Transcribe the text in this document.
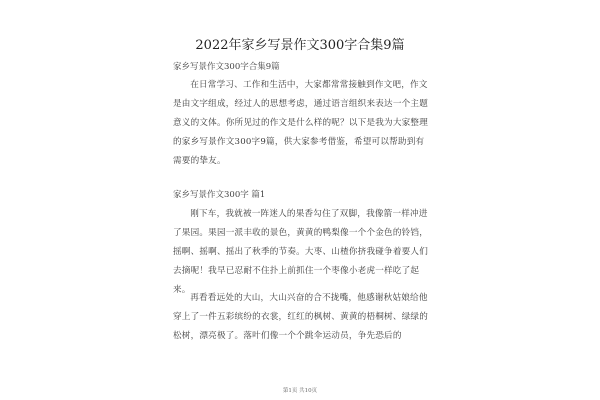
2022年家乡写景作文300字合集9篇
家乡写景作文300字合集9篇

在日常学习、工作和生活中，大家都常常接触到作文吧，作文是由文字组成，经过人的思想考虑，通过语言组织来表达一个主题意义的文体。你所见过的作文是什么样的呢？以下是我为大家整理的家乡写景作文300字9篇，供大家参考借鉴，希望可以帮助到有需要的挚友。

家乡写景作文300字 篇1

刚下车，我就被一阵迷人的果香勾住了双脚，我像箭一样冲进了果园。果园一派丰收的景色，黄黄的鸭梨像一个个金色的铃铛，摇啊、摇啊、摇出了秋季的节奏。大枣、山楂你挤我碰争着要人们去摘呢！我早已忍耐不住扑上前抓住一个枣像小老虎一样吃了起来。

再看看远处的大山，大山兴奋的合不拢嘴，他感谢秋姑娘给他穿上了一件五彩缤纷的衣裳，红红的枫树、黄黄的梧桐树、绿绿的松树，漂亮极了。落叶们像一个个跳伞运动员，争先恐后的

第1页 共10页
